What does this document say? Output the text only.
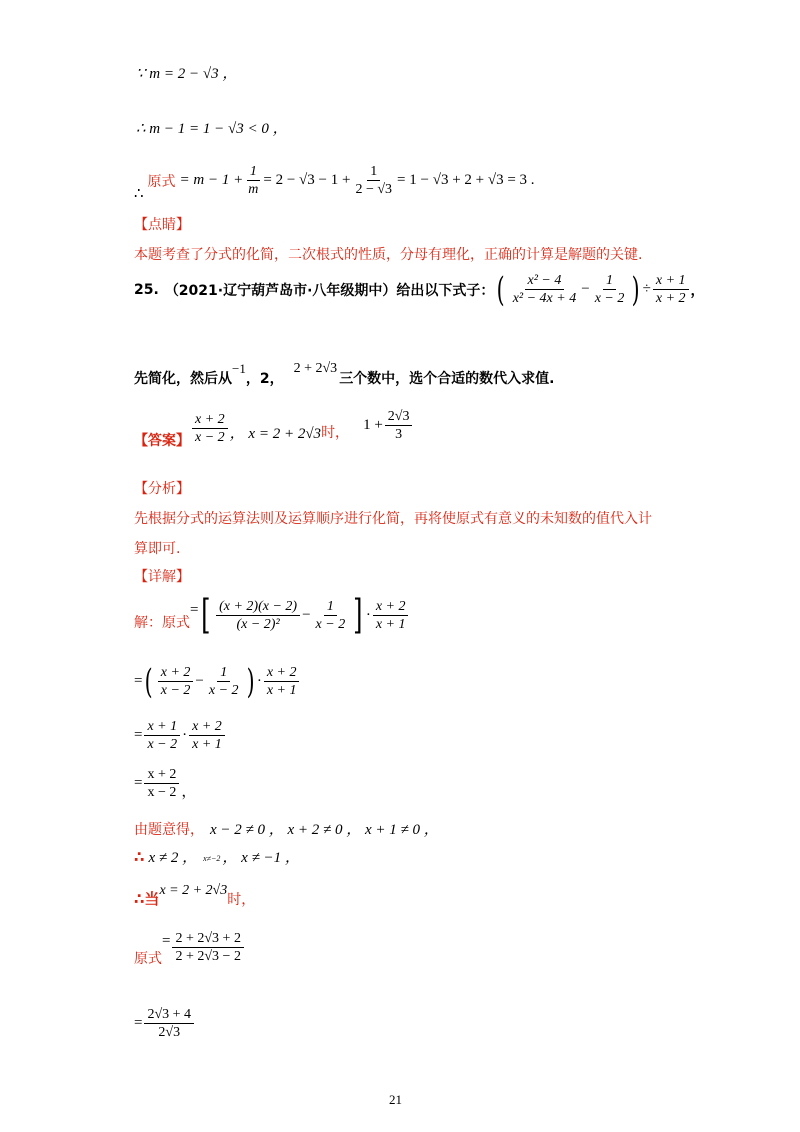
∵ m = 2 − √3 ，
∴ m − 1 = 1 − √3 < 0 ，
∴
原式 = $m - 1 + \frac{1}{m} = 2 - √3 - 1 + \frac{1}{2 - √3} = 1 - √3 + 2 + √3 = 3$ .
【点睛】
本题考查了分式的化简，二次根式的性质，分母有理化，正确的计算是解题的关键.
25. （2021·辽宁葫芦岛市·八年级期中）给出以下式子： ( $\frac{\text{x² − 4}}{\text{x² − 4x + 4}} - \frac{1}{x - 2}$ ) ÷ $\frac{x + 1}{x + 2}$ ，
先简化，然后从
−1
，2，
2 + 2√3
三个数中，选个合适的数代入求值.
【答案】 $\frac{x + 2}{x - 2}$ ， x = 2 + 2√3 时，
$1 + \frac{2√3}{3}$
【分析】
先根据分式的运算法则及运算顺序进行化简，再将使原式有意义的未知数的值代入计
算即可.
【详解】
解：原式
= [ $\frac{(x + 2)(x - 2)}{\text{(x − 2)²}} - \frac{1}{x - 2}$ ] · $\frac{x + 2}{x + 1}$
= ( $\frac{x + 2}{x - 2} - \frac{1}{x - 2}$ ) · $\frac{x + 2}{x + 1}$
= $\frac{x + 1}{x - 2} \cdot \frac{x + 2}{x + 1}$
= $\frac{x + 2}{x - 2}$ ，
由题意得， x − 2 ≠ 0 ， x + 2 ≠ 0 ， x + 1 ≠ 0 ，
∴ x ≠ 2 ， x≠−2 ， x ≠ −1 ，
∴当 x = 2 + 2√3
时，
原式
= $\frac{2 + 2√3 + 2}{2 + 2√3 - 2}$
= $\frac{2√3 + 4}{2√3}$
21
